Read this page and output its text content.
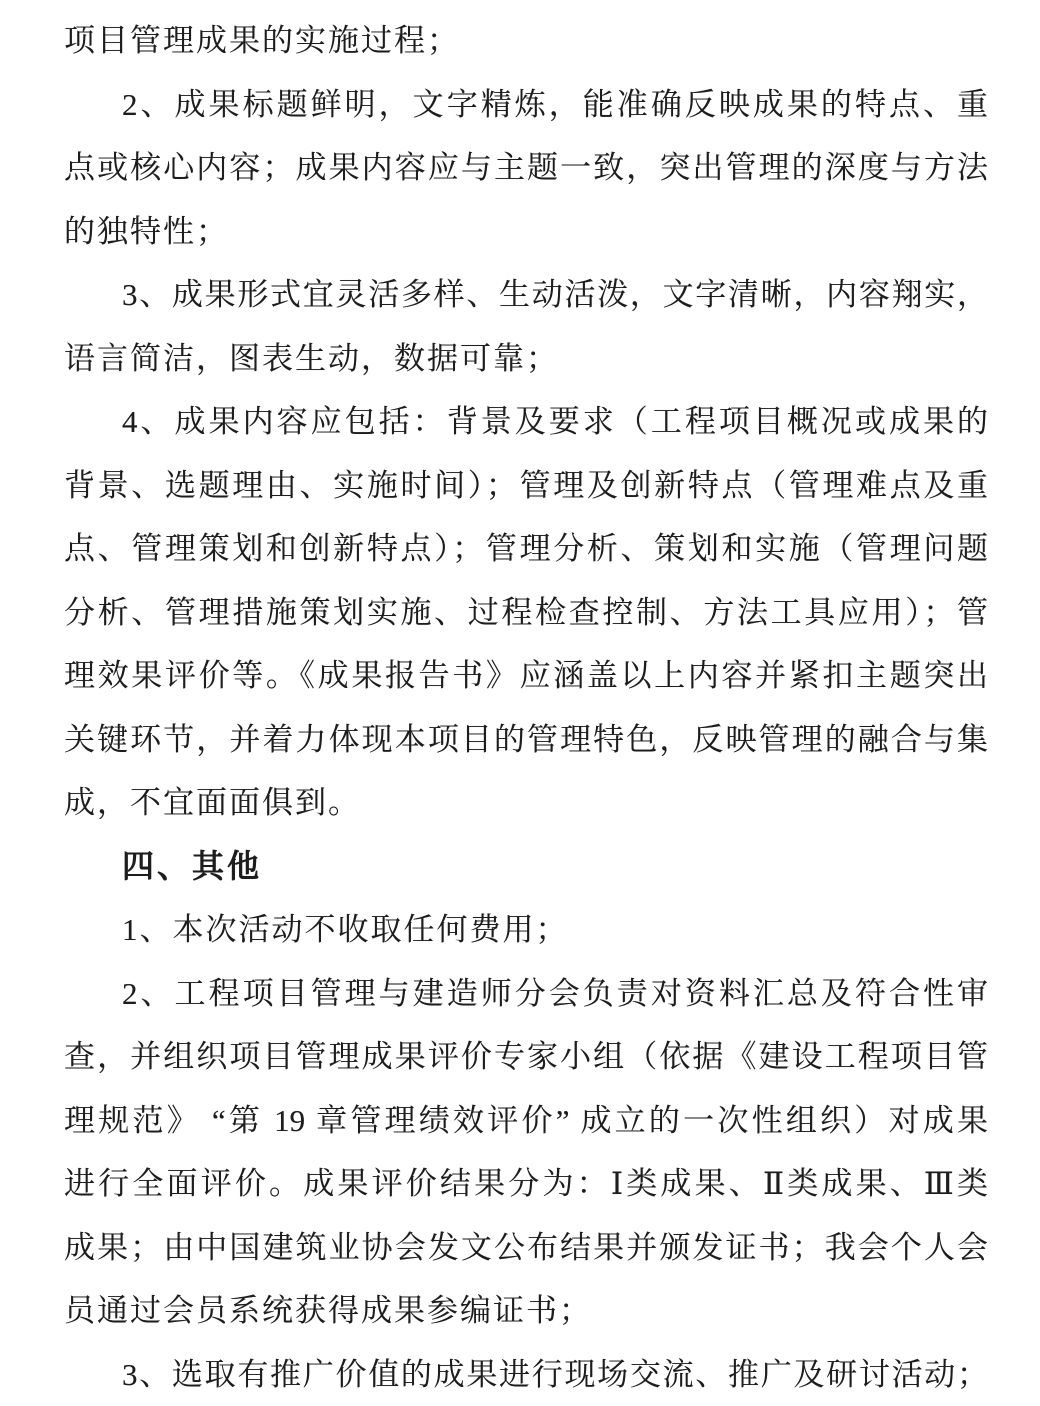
项目管理成果的实施过程；
2、成果标题鲜明，文字精炼，能准确反映成果的特点、重
点或核心内容；成果内容应与主题一致，突出管理的深度与方法
的独特性；
3、成果形式宜灵活多样、生动活泼，文字清晰，内容翔实，
语言简洁，图表生动，数据可靠；
4、成果内容应包括：背景及要求（工程项目概况或成果的
背景、选题理由、实施时间）；管理及创新特点（管理难点及重
点、管理策划和创新特点）；管理分析、策划和实施（管理问题
分析、管理措施策划实施、过程检查控制、方法工具应用）；管
理效果评价等。《成果报告书》应涵盖以上内容并紧扣主题突出
关键环节，并着力体现本项目的管理特色，反映管理的融合与集
成，不宜面面俱到。
四、其他
1、本次活动不收取任何费用；
2、工程项目管理与建造师分会负责对资料汇总及符合性审
查，并组织项目管理成果评价专家小组（依据《建设工程项目管
理规范》 “第 19 章管理绩效评价” 成立的一次性组织）对成果
进行全面评价。成果评价结果分为：Ⅰ类成果、Ⅱ类成果、Ⅲ类
成果；由中国建筑业协会发文公布结果并颁发证书；我会个人会
员通过会员系统获得成果参编证书；
3、选取有推广价值的成果进行现场交流、推广及研讨活动；
